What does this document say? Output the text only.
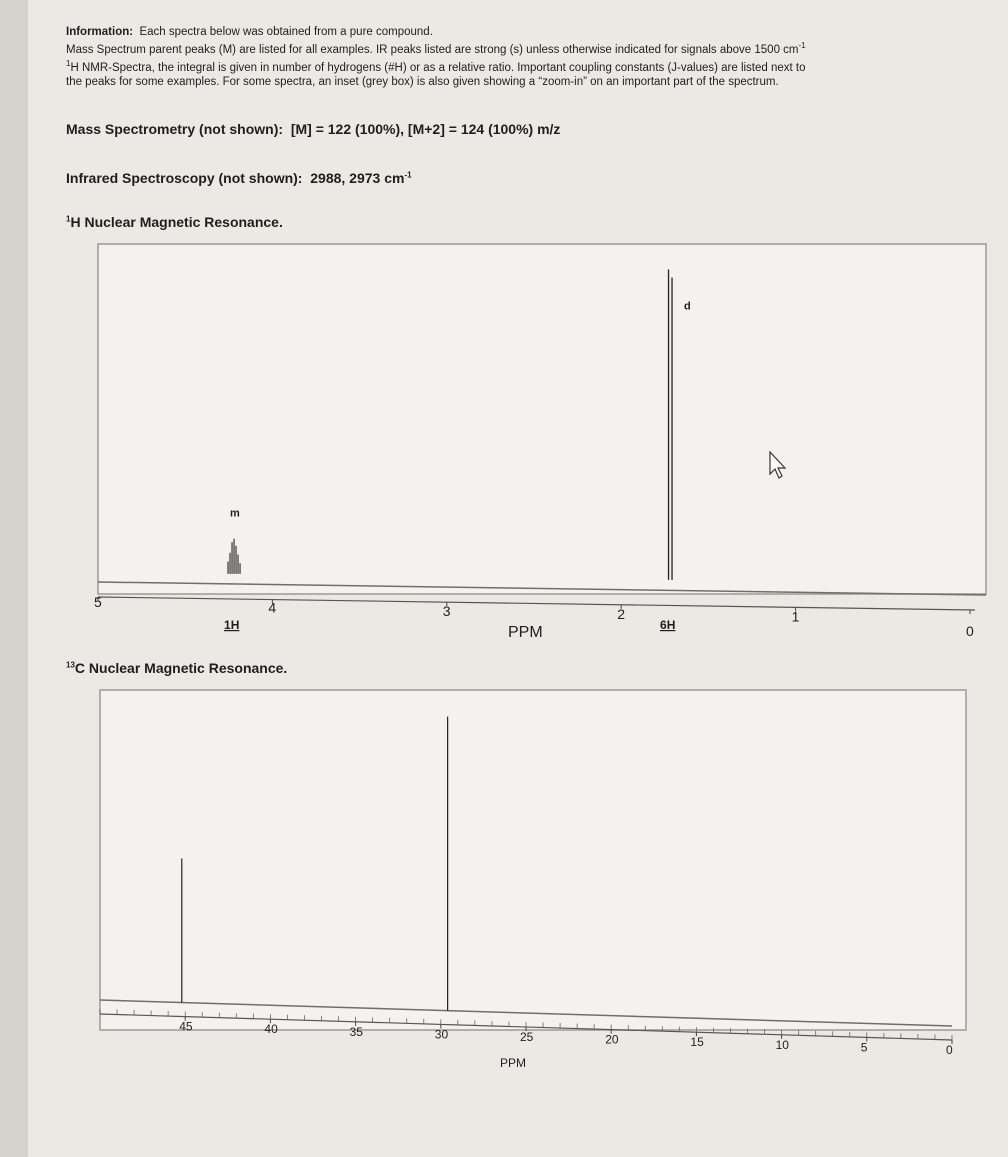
Information: Each spectra below was obtained from a pure compound.

Mass Spectrum parent peaks (M) are listed for all examples. IR peaks listed are strong (s) unless otherwise indicated for signals above 1500 $cm^{-1}$

$^1$H NMR-Spectra, the integral is given in number of hydrogens (#H) or as a relative ratio. Important coupling constants (J-values) are listed next to

the peaks for some examples. For some spectra, an inset (grey box) is also given showing a “zoom-in” on an important part of the spectrum.

Mass Spectrometry (not shown): [M] = 122 (100%), [M+2] = 124 (100%) m/z
Infrared Spectroscopy (not shown): 2988, 2973 $cm^{-1}$
$^1$H Nuclear Magnetic Resonance.
$^{13}$C Nuclear Magnetic Resonance.
m
1H
d
6H
5	4	3	2	1
0
PPM
45	40	35	30	25	20	15	10	5	0
PPM
